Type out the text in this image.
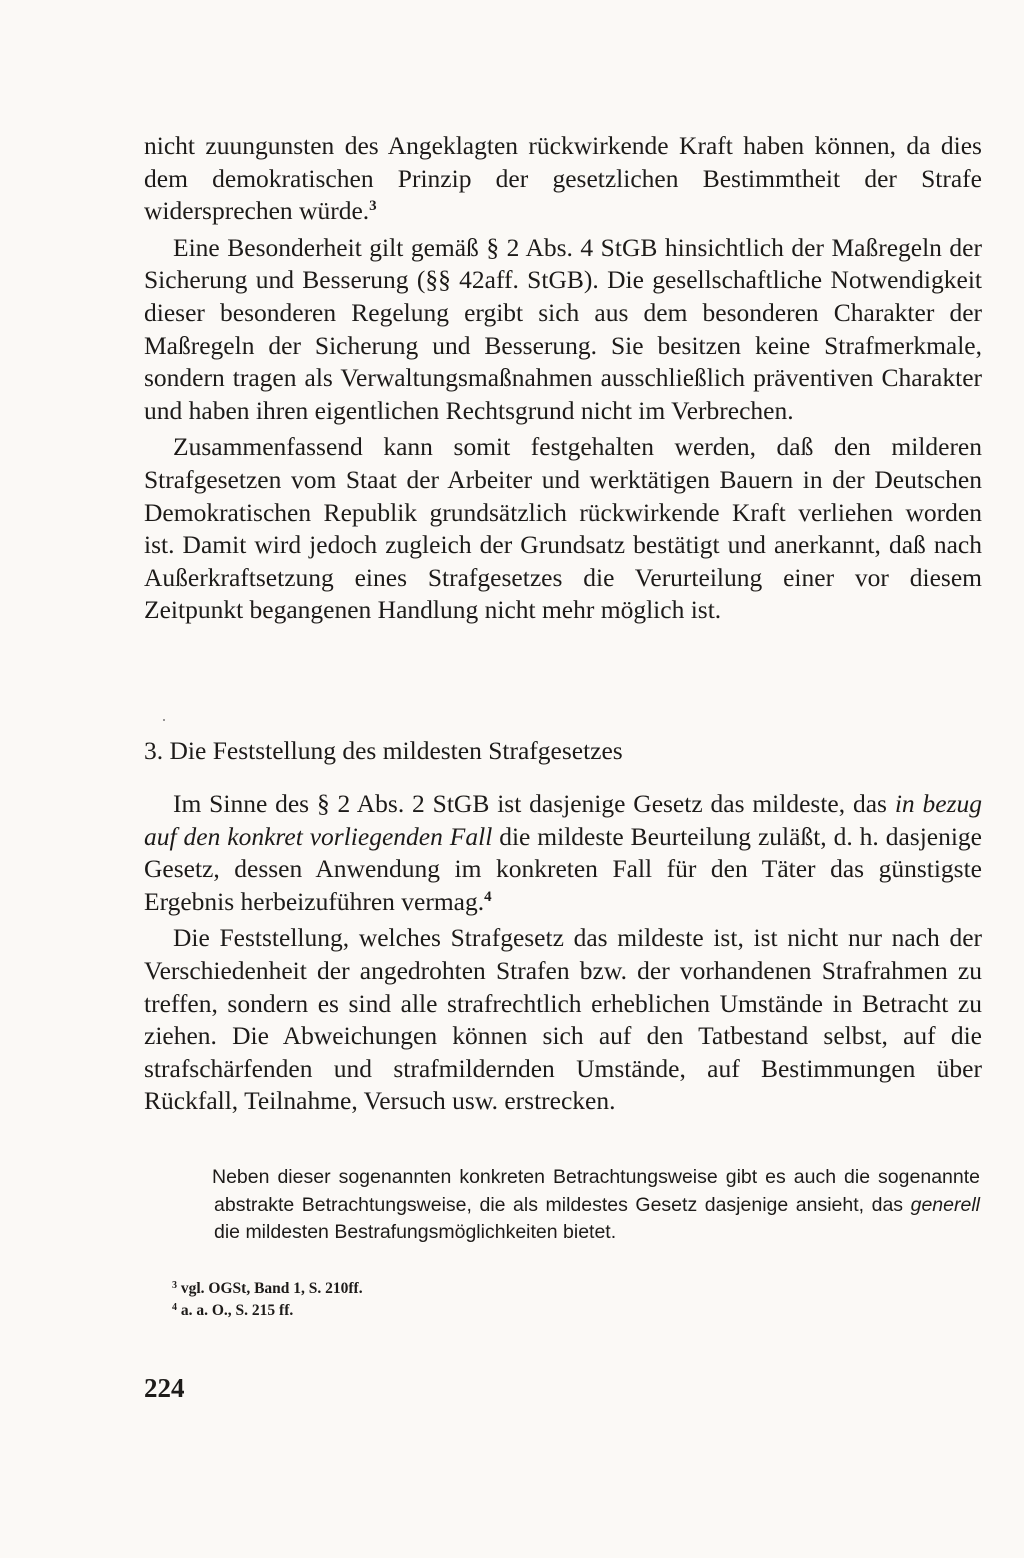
nicht zuungunsten des Angeklagten rückwirkende Kraft haben können, da dies dem demokratischen Prinzip der gesetzlichen Bestimmtheit der Strafe widersprechen würde.$^3$

Eine Besonderheit gilt gemäß § 2 Abs. 4 StGB hinsichtlich der Maßregeln der Sicherung und Besserung (§§ 42aff. StGB). Die gesellschaftliche Notwendigkeit dieser besonderen Regelung ergibt sich aus dem besonderen Charakter der Maßregeln der Sicherung und Besserung. Sie besitzen keine Strafmerkmale, sondern tragen als Verwaltungsmaßnahmen ausschließlich präventiven Charakter und haben ihren eigentlichen Rechtsgrund nicht im Verbrechen.

Zusammenfassend kann somit festgehalten werden, daß den milderen Strafgesetzen vom Staat der Arbeiter und werktätigen Bauern in der Deutschen Demokratischen Republik grundsätzlich rückwirkende Kraft verliehen worden ist. Damit wird jedoch zugleich der Grundsatz bestätigt und anerkannt, daß nach Außerkraftsetzung eines Strafgesetzes die Verurteilung einer vor diesem Zeitpunkt begangenen Handlung nicht mehr möglich ist.

3. Die Feststellung des mildesten Strafgesetzes

Im Sinne des § 2 Abs. 2 StGB ist dasjenige Gesetz das mildeste, das in bezug auf den konkret vorliegenden Fall die mildeste Beurteilung zuläßt, d. h. dasjenige Gesetz, dessen Anwendung im konkreten Fall für den Täter das günstigste Ergebnis herbeizuführen vermag.$^4$

Die Feststellung, welches Strafgesetz das mildeste ist, ist nicht nur nach der Verschiedenheit der angedrohten Strafen bzw. der vorhandenen Strafrahmen zu treffen, sondern es sind alle strafrechtlich erheblichen Umstände in Betracht zu ziehen. Die Abweichungen können sich auf den Tatbestand selbst, auf die strafschärfenden und strafmildernden Umstände, auf Bestimmungen über Rückfall, Teilnahme, Versuch usw. erstrecken.

Neben dieser sogenannten konkreten Betrachtungsweise gibt es auch die sogenannte abstrakte Betrachtungsweise, die als mildestes Gesetz dasjenige ansieht, das generell die mildesten Bestrafungsmöglichkeiten bietet.

$^3$ vgl. OGSt, Band 1, S. 210ff.
$^4$ a. a. O., S. 215 ff.
224
